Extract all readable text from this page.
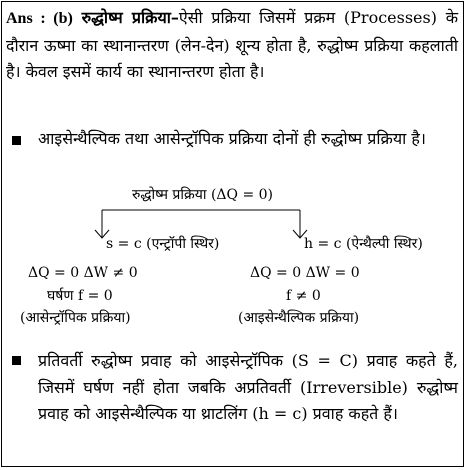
Ans : (b) रुद्धोष्म प्रक्रिया–ऐसी प्रक्रिया जिसमें प्रक्रम (Processes) के दौरान ऊष्मा का स्थानान्तरण (लेन-देन) शून्य होता है, रुद्धोष्म प्रक्रिया कहलाती है। केवल इसमें कार्य का स्थानान्तरण होता है।
आइसेन्थैल्पिक तथा आसेन्ट्रॉपिक प्रक्रिया दोनों ही रुद्धोष्म प्रक्रिया है।
रुद्धोष्म प्रक्रिया (ΔQ = 0)
s = c (एन्ट्रॉपी स्थिर)	h = c (ऐन्थैल्पी स्थिर)
ΔQ = 0 ΔW ≠ 0
घर्षण f = 0
(आसेन्ट्रॉपिक प्रक्रिया)
ΔQ = 0 ΔW = 0
f ≠ 0
(आइसेन्थैल्पिक प्रक्रिया)
प्रतिवर्ती रुद्धोष्म प्रवाह को आइसेन्ट्रॉपिक (S = C) प्रवाह कहते हैं, जिसमें घर्षण नहीं होता जबकि अप्रतिवर्ती (Irreversible) रुद्धोष्म प्रवाह को आइसेन्थैल्पिक या थ्राटलिंग (h = c) प्रवाह कहते हैं।
